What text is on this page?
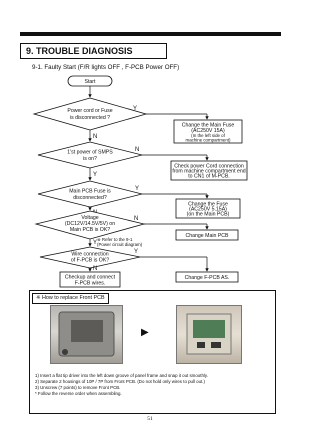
9. TROUBLE DIAGNOSIS
9-1. Faulty Start (F/R lights OFF , F-PCB Power OFF)
Start
Power cord or Fuse
is disconnected ?
Y
N
Change the Main Fuse
(AC250V 15A)
(In the left side of
machine compartment)
1'st power of SMPS
is on?
N
Y
Check power Cord connection
from machine compartment end
to CN1 of M-PCB.
Main PCB Fuse is
disconnected?
Y
Change the Fuse
(AC250V 5.15A)
(on the Main PCB)
Voltage
(DC12V/14.5V/5V) on
Main PCB is OK?
N
※ Refer to the 9-1
(Power circuit diagram)
Y
Change Main PCB
Wire connection
of F-PCB is OK?
Y
N
Change F-PCB AS.
Checkup and connect
F-PCB wires.
※ How to replace Front PCB
▶
1) Insert a flat tip driver into the left down groove of panel frame and snap it out smoothly.
2) Separate 2 housings of 10P / 7P from Front PCB. (Do not hold only wires to pull out.)
3) Unscrew (7 points) to remove Front PCB.
* Follow the reverse order when assembling.
51
